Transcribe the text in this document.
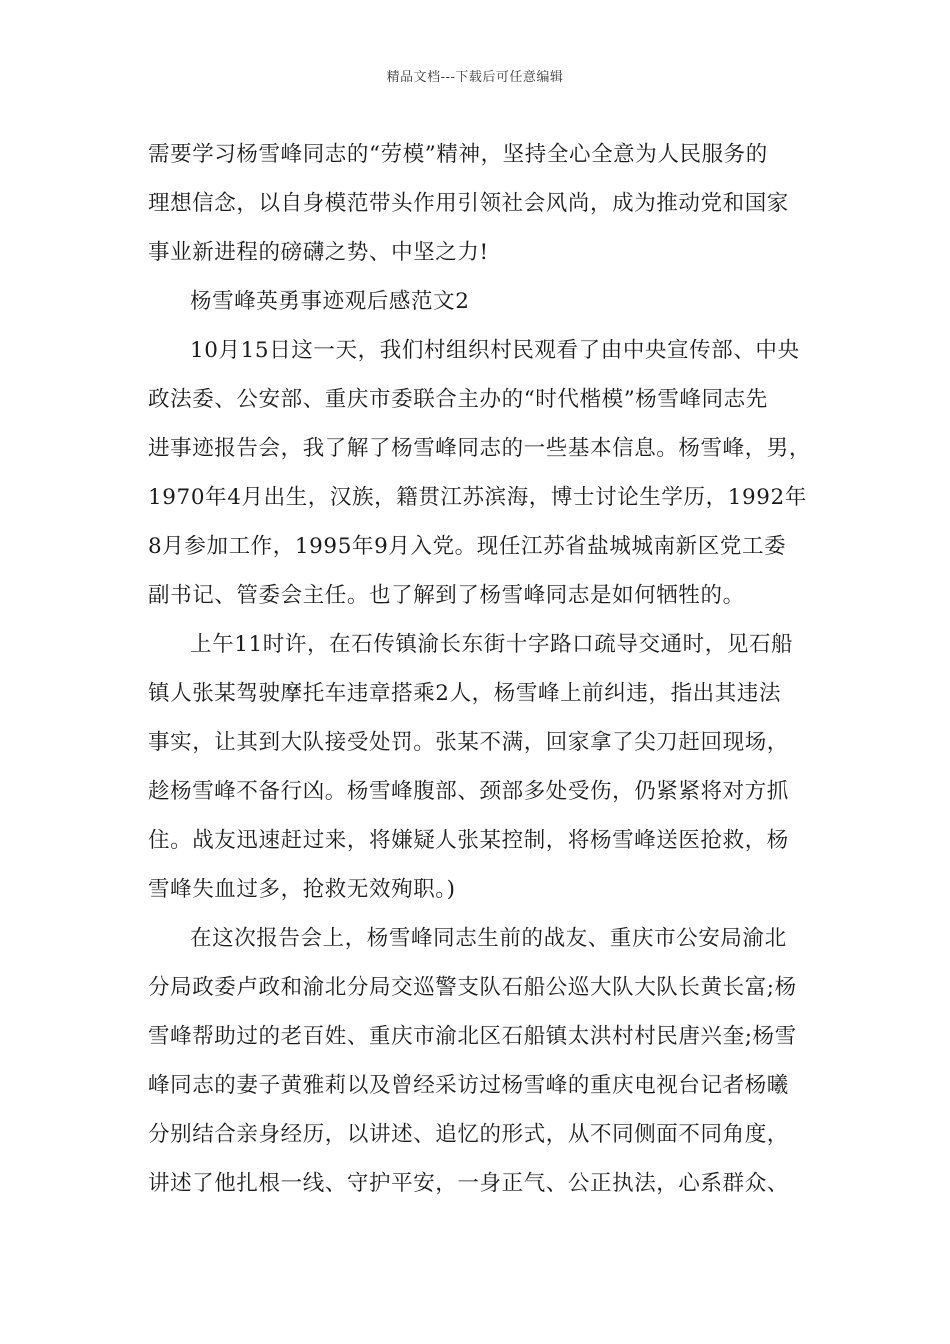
精品文档---下载后可任意编辑
需要学习杨雪峰同志的“劳模”精神，坚持全心全意为人民服务的
理想信念，以自身模范带头作用引领社会风尚，成为推动党和国家
事业新进程的磅礴之势、中坚之力!
杨雪峰英勇事迹观后感范文2
10月15日这一天，我们村组织村民观看了由中央宣传部、中央
政法委、公安部、重庆市委联合主办的“时代楷模”杨雪峰同志先
进事迹报告会，我了解了杨雪峰同志的一些基本信息。杨雪峰，男，
1970年4月出生，汉族，籍贯江苏滨海，博士讨论生学历，1992年
8月参加工作，1995年9月入党。现任江苏省盐城城南新区党工委
副书记、管委会主任。也了解到了杨雪峰同志是如何牺牲的。
上午11时许，在石传镇渝长东街十字路口疏导交通时，见石船
镇人张某驾驶摩托车违章搭乘2人，杨雪峰上前纠违，指出其违法
事实，让其到大队接受处罚。张某不满，回家拿了尖刀赶回现场，
趁杨雪峰不备行凶。杨雪峰腹部、颈部多处受伤，仍紧紧将对方抓
住。战友迅速赶过来，将嫌疑人张某控制，将杨雪峰送医抢救，杨
雪峰失血过多，抢救无效殉职。)
在这次报告会上，杨雪峰同志生前的战友、重庆市公安局渝北
分局政委卢政和渝北分局交巡警支队石船公巡大队大队长黄长富;杨
雪峰帮助过的老百姓、重庆市渝北区石船镇太洪村村民唐兴奎;杨雪
峰同志的妻子黄雅莉以及曾经采访过杨雪峰的重庆电视台记者杨曦
分别结合亲身经历，以讲述、追忆的形式，从不同侧面不同角度，
讲述了他扎根一线、守护平安，一身正气、公正执法，心系群众、
